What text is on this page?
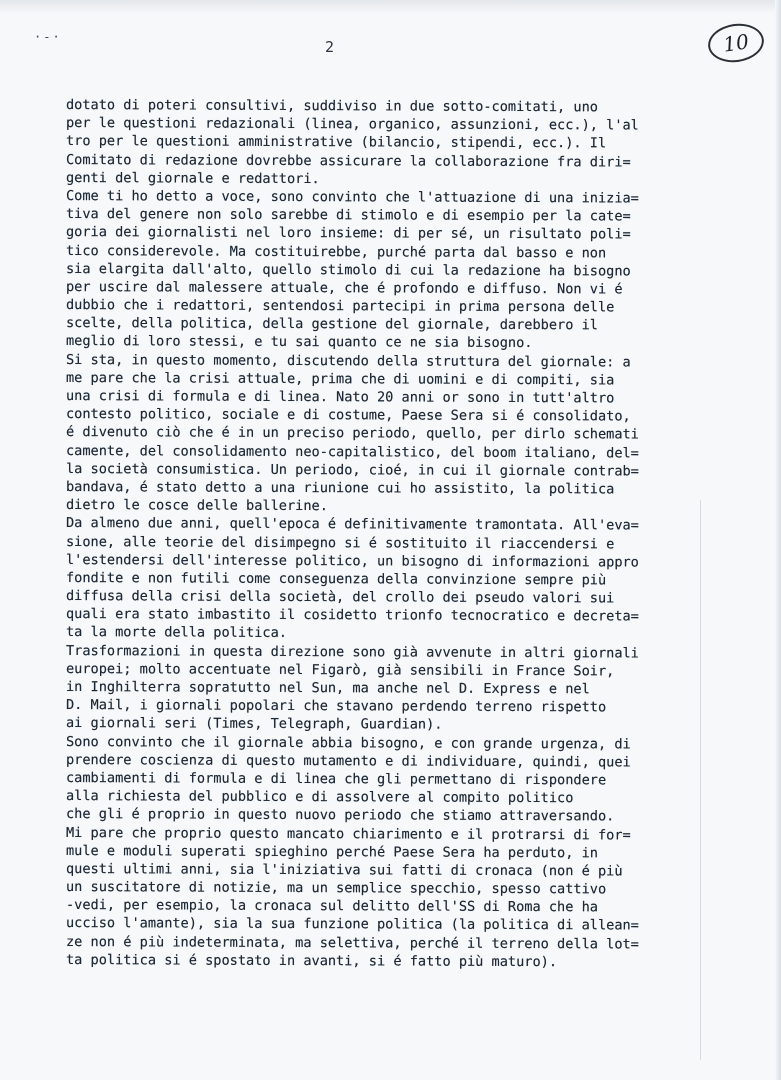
·‐·
2	10
dotato di poteri consultivi, suddiviso in due sotto-comitati, uno
per le questioni redazionali (linea, organico, assunzioni, ecc.), l'al
tro per le questioni amministrative (bilancio, stipendi, ecc.). Il
Comitato di redazione dovrebbe assicurare la collaborazione fra diri=
genti del giornale e redattori.
Come ti ho detto a voce, sono convinto che l'attuazione di una inizia=
tiva del genere non solo sarebbe di stimolo e di esempio per la cate=
goria dei giornalisti nel loro insieme: di per sé, un risultato poli=
tico considerevole. Ma costituirebbe, purché parta dal basso e non
sia elargita dall'alto, quello stimolo di cui la redazione ha bisogno
per uscire dal malessere attuale, che é profondo e diffuso. Non vi é
dubbio che i redattori, sentendosi partecipi in prima persona delle
scelte, della politica, della gestione del giornale, darebbero il
meglio di loro stessi, e tu sai quanto ce ne sia bisogno.
Si sta, in questo momento, discutendo della struttura del giornale: a
me pare che la crisi attuale, prima che di uomini e di compiti, sia
una crisi di formula e di linea. Nato 20 anni or sono in tutt'altro
contesto politico, sociale e di costume, Paese Sera si é consolidato,
é divenuto ciò che é in un preciso periodo, quello, per dirlo schemati
camente, del consolidamento neo-capitalistico, del boom italiano, del=
la società consumistica. Un periodo, cioé, in cui il giornale contrab=
bandava, é stato detto a una riunione cui ho assistito, la politica
dietro le cosce delle ballerine.
Da almeno due anni, quell'epoca é definitivamente tramontata. All'eva=
sione, alle teorie del disimpegno si é sostituito il riaccendersi e
l'estendersi dell'interesse politico, un bisogno di informazioni appro
fondite e non futili come conseguenza della convinzione sempre più
diffusa della crisi della società, del crollo dei pseudo valori sui
quali era stato imbastito il cosidetto trionfo tecnocratico e decreta=
ta la morte della politica.
Trasformazioni in questa direzione sono già avvenute in altri giornali
europei; molto accentuate nel Figarò, già sensibili in France Soir,
in Inghilterra sopratutto nel Sun, ma anche nel D. Express e nel
D. Mail, i giornali popolari che stavano perdendo terreno rispetto
ai giornali seri (Times, Telegraph, Guardian).
Sono convinto che il giornale abbia bisogno, e con grande urgenza, di
prendere coscienza di questo mutamento e di individuare, quindi, quei
cambiamenti di formula e di linea che gli permettano di rispondere
alla richiesta del pubblico e di assolvere al compito politico
che gli é proprio in questo nuovo periodo che stiamo attraversando.
Mi pare che proprio questo mancato chiarimento e il protrarsi di for=
mule e moduli superati spieghino perché Paese Sera ha perduto, in
questi ultimi anni, sia l'iniziativa sui fatti di cronaca (non é più
un suscitatore di notizie, ma un semplice specchio, spesso cattivo
-vedi, per esempio, la cronaca sul delitto dell'SS di Roma che ha
ucciso l'amante), sia la sua funzione politica (la politica di allean=
ze non é più indeterminata, ma selettiva, perché il terreno della lot=
ta politica si é spostato in avanti, si é fatto più maturo).
